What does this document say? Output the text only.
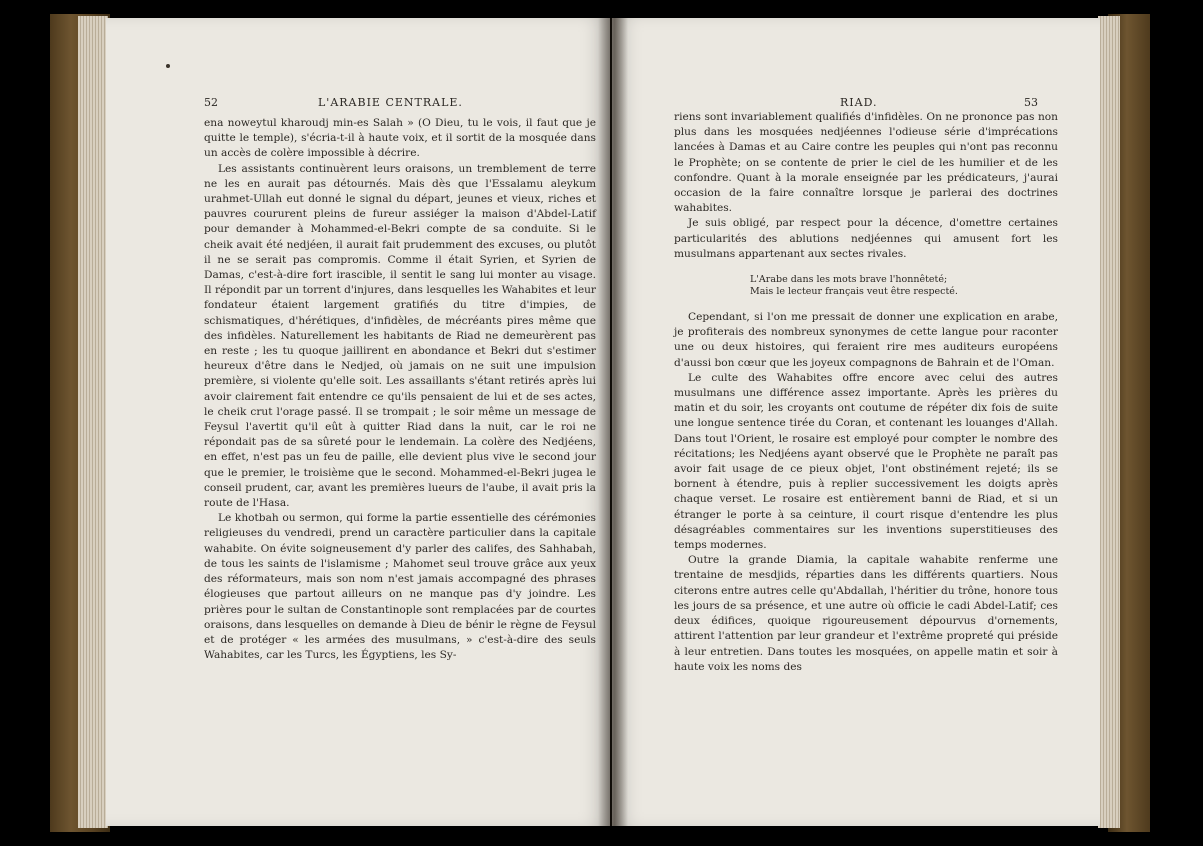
52	L'ARABIE CENTRALE.

enа noweytul kharoudj min-es Salah » (O Dieu, tu le vois, il faut que je quitte le temple), s'écria-t-il à haute voix, et il sortit de la mosquée dans un accès de colère impossible à décrire.

Les assistants continuèrent leurs oraisons, un tremblement de terre ne les en aurait pas détournés. Mais dès que l'Essalamu aleykum urahmet-Ullah eut donné le signal du départ, jeunes et vieux, riches et pauvres coururent pleins de fureur assiéger la maison d'Abdel-Latif pour demander à Mohammed-el-Bekri compte de sa conduite. Si le cheik avait été nedjéen, il aurait fait prudemment des excuses, ou plutôt il ne se serait pas compromis. Comme il était Syrien, et Syrien de Damas, c'est-à-dire fort irascible, il sentit le sang lui monter au visage. Il répondit par un torrent d'injures, dans lesquelles les Wahabites et leur fondateur étaient largement gratifiés du titre d'impies, de schismatiques, d'hérétiques, d'infidèles, de mécréants pires même que des infidèles. Naturellement les habitants de Riad ne demeurèrent pas en reste ; les tu quoque jaillirent en abondance et Bekri dut s'estimer heureux d'être dans le Nedjed, où jamais on ne suit une impulsion première, si violente qu'elle soit. Les assaillants s'étant retirés après lui avoir clairement fait entendre ce qu'ils pensaient de lui et de ses actes, le cheik crut l'orage passé. Il se trompait ; le soir même un message de Feysul l'avertit qu'il eût à quitter Riad dans la nuit, car le roi ne répondait pas de sa sûreté pour le lendemain. La colère des Nedjéens, en effet, n'est pas un feu de paille, elle devient plus vive le second jour que le premier, le troisième que le second. Mohammed-el-Bekri jugea le conseil prudent, car, avant les premières lueurs de l'aube, il avait pris la route de l'Hasa.

Le khotbah ou sermon, qui forme la partie essentielle des cérémonies religieuses du vendredi, prend un caractère particulier dans la capitale wahabite. On évite soigneusement d'y parler des califes, des Sahhabah, de tous les saints de l'islamisme ; Mahomet seul trouve grâce aux yeux des réformateurs, mais son nom n'est jamais accompagné des phrases élogieuses que partout ailleurs on ne manque pas d'y joindre. Les prières pour le sultan de Constantinople sont remplacées par de courtes oraisons, dans lesquelles on demande à Dieu de bénir le règne de Feysul et de protéger « les armées des musulmans, » c'est-à-dire des seuls Wahabites, car les Turcs, les Égyptiens, les Sy-

RIAD.	53

riens sont invariablement qualifiés d'infidèles. On ne prononce pas non plus dans les mosquées nedjéennes l'odieuse série d'imprécations lancées à Damas et au Caire contre les peuples qui n'ont pas reconnu le Prophète; on se contente de prier le ciel de les humilier et de les confondre. Quant à la morale enseignée par les prédicateurs, j'aurai occasion de la faire connaître lorsque je parlerai des doctrines wahabites.

Je suis obligé, par respect pour la décence, d'omettre certaines particularités des ablutions nedjéennes qui amusent fort les musulmans appartenant aux sectes rivales.

L'Arabe dans les mots brave l'honnêteté;
Mais le lecteur français veut être respecté.

Cependant, si l'on me pressait de donner une explication en arabe, je profiterais des nombreux synonymes de cette langue pour raconter une ou deux histoires, qui feraient rire mes auditeurs européens d'aussi bon cœur que les joyeux compagnons de Bahrain et de l'Oman.

Le culte des Wahabites offre encore avec celui des autres musulmans une différence assez importante. Après les prières du matin et du soir, les croyants ont coutume de répéter dix fois de suite une longue sentence tirée du Coran, et contenant les louanges d'Allah. Dans tout l'Orient, le rosaire est employé pour compter le nombre des récitations; les Nedjéens ayant observé que le Prophète ne paraît pas avoir fait usage de ce pieux objet, l'ont obstinément rejeté; ils se bornent à étendre, puis à replier successivement les doigts après chaque verset. Le rosaire est entièrement banni de Riad, et si un étranger le porte à sa ceinture, il court risque d'entendre les plus désagréables commentaires sur les inventions superstitieuses des temps modernes.

Outre la grande Diamia, la capitale wahabite renferme une trentaine de mesdjids, réparties dans les différents quartiers. Nous citerons entre autres celle qu'Abdallah, l'héritier du trône, honore tous les jours de sa présence, et une autre où officie le cadi Abdel-Latif; ces deux édifices, quoique rigoureusement dépourvus d'ornements, attirent l'attention par leur grandeur et l'extrême propreté qui préside à leur entretien. Dans toutes les mosquées, on appelle matin et soir à haute voix les noms des
